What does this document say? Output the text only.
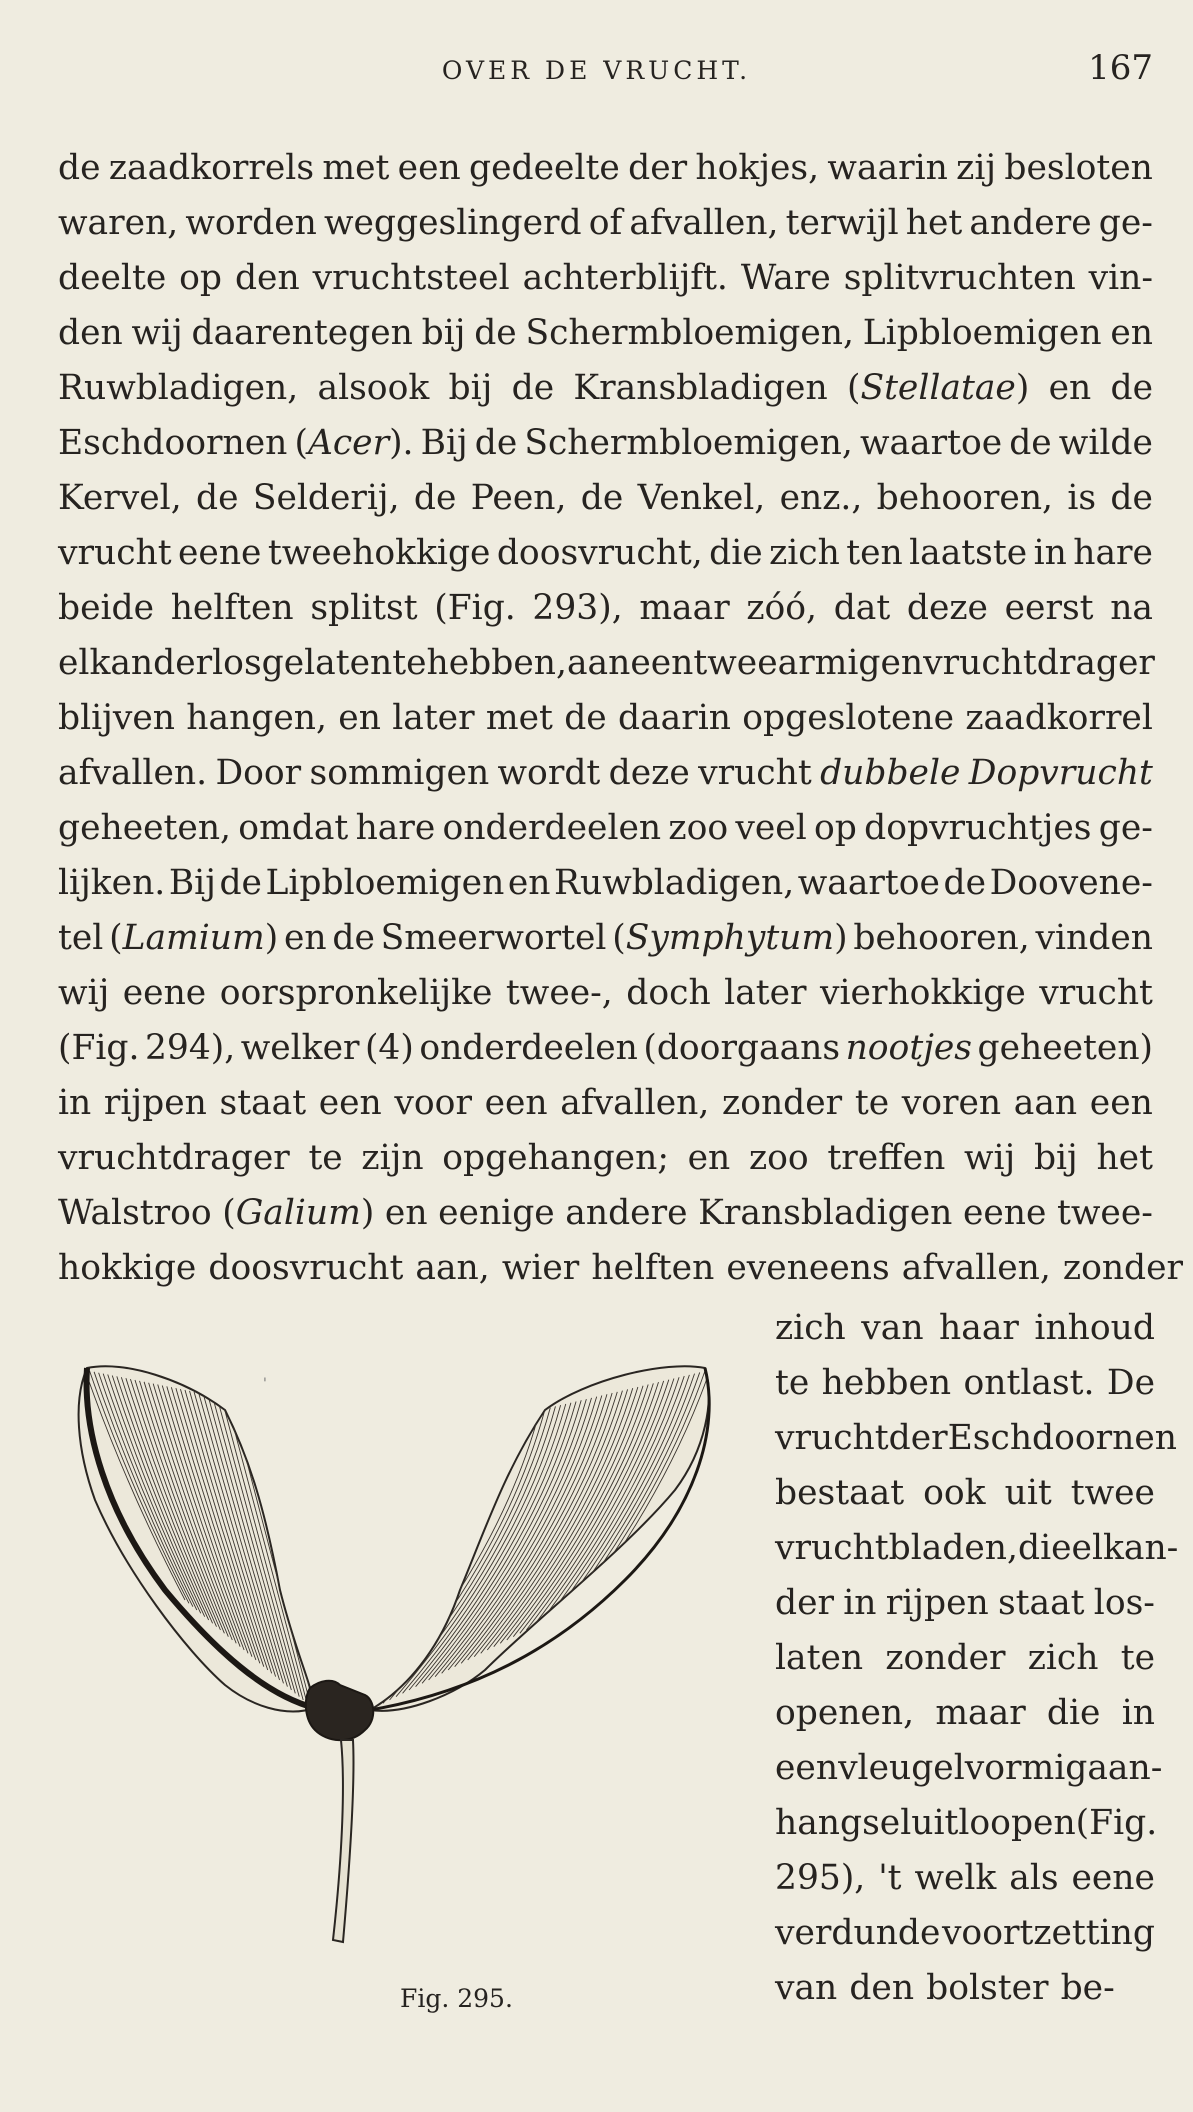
OVER DE VRUCHT.	167
de zaadkorrels met een gedeelte der hokjes, waarin zij besloten
waren, worden weggeslingerd of afvallen, terwijl het andere ge-
deelte op den vruchtsteel achterblijft. Ware splitvruchten vin-
den wij daarentegen bij de Schermbloemigen, Lipbloemigen en
Ruwbladigen, alsook bij de Kransbladigen (Stellatae) en de
Eschdoornen (Acer). Bij de Schermbloemigen, waartoe de wilde
Kervel, de Selderij, de Peen, de Venkel, enz., behooren, is de
vrucht eene tweehokkige doosvrucht, die zich ten laatste in hare
beide helften splitst (Fig. 293), maar zóó, dat deze eerst na
elkander losgelaten te hebben, aan een tweearmigen vruchtdrager
blijven hangen, en later met de daarin opgeslotene zaadkorrel
afvallen. Door sommigen wordt deze vrucht dubbele Dopvrucht
geheeten, omdat hare onderdeelen zoo veel op dopvruchtjes ge-
lijken. Bij de Lipbloemigen en Ruwbladigen, waartoe de Doovene-
tel (Lamium) en de Smeerwortel (Symphytum) behooren, vinden
wij eene oorspronkelijke twee-, doch later vierhokkige vrucht
(Fig. 294), welker (4) onderdeelen (doorgaans nootjes geheeten)
in rijpen staat een voor een afvallen, zonder te voren aan een
vruchtdrager te zijn opgehangen; en zoo treffen wij bij het
Walstroo (Galium) en eenige andere Kransbladigen eene twee-
hokkige doosvrucht aan, wier helften eveneens afvallen, zonder
zich van haar inhoud
te hebben ontlast. De
vrucht der Eschdoornen
bestaat ook uit twee
vruchtbladen, die elkan-
der in rijpen staat los-
laten zonder zich te
openen, maar die in
een vleugelvormig aan-
hangsel uitloopen (Fig.
295), 't welk als eene
verdunde voortzetting
van den bolster be-
'
Fig. 295.
